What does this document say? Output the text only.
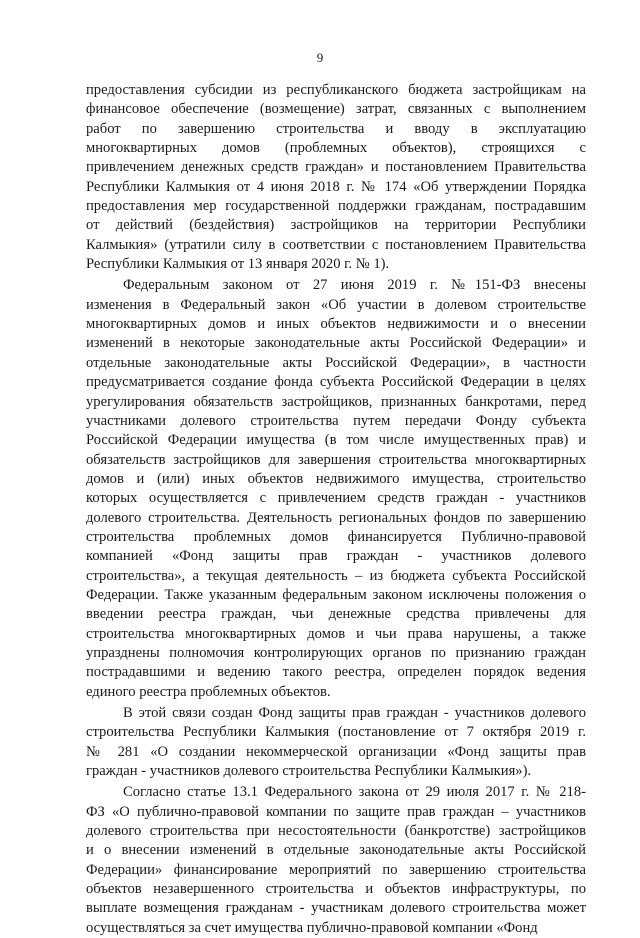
9
предоставления субсидии из республиканского бюджета застройщикам на
финансовое обеспечение (возмещение) затрат, связанных с выполнением
работ по завершению строительства и вводу в эксплуатацию
многоквартирных домов (проблемных объектов), строящихся с
привлечением денежных средств граждан» и постановлением Правительства
Республики Калмыкия от 4 июня 2018 г. № 174 «Об утверждении Порядка
предоставления мер государственной поддержки гражданам, пострадавшим
от действий (бездействия) застройщиков на территории Республики
Калмыкия» (утратили силу в соответствии с постановлением Правительства
Республики Калмыкия от 13 января 2020 г. № 1).
Федеральным законом от 27 июня 2019 г. №151-ФЗ внесены
изменения в Федеральный закон «Об участии в долевом строительстве
многоквартирных домов и иных объектов недвижимости и о внесении
изменений в некоторые законодательные акты Российской Федерации» и
отдельные законодательные акты Российской Федерации», в частности
предусматривается создание фонда субъекта Российской Федерации в целях
урегулирования обязательств застройщиков, признанных банкротами, перед
участниками долевого строительства путем передачи Фонду субъекта
Российской Федерации имущества (в том числе имущественных прав) и
обязательств застройщиков для завершения строительства многоквартирных
домов и (или) иных объектов недвижимого имущества, строительство
которых осуществляется с привлечением средств граждан - участников
долевого строительства. Деятельность региональных фондов по завершению
строительства проблемных домов финансируется Публично-правовой
компанией «Фонд защиты прав граждан - участников долевого
строительства», а текущая деятельность – из бюджета субъекта Российской
Федерации. Также указанным федеральным законом исключены положения о
введении реестра граждан, чьи денежные средства привлечены для
строительства многоквартирных домов и чьи права нарушены, а также
упразднены полномочия контролирующих органов по признанию граждан
пострадавшими и ведению такого реестра, определен порядок ведения
единого реестра проблемных объектов.
В этой связи создан Фонд защиты прав граждан - участников долевого
строительства Республики Калмыкия (постановление от 7 октября 2019 г.
№ 281 «О создании некоммерческой организации «Фонд защиты прав
граждан - участников долевого строительства Республики Калмыкия»).
Согласно статье 13.1 Федерального закона от 29 июля 2017 г. № 218-
ФЗ «О публично-правовой компании по защите прав граждан – участников
долевого строительства при несостоятельности (банкротстве) застройщиков
и о внесении изменений в отдельные законодательные акты Российской
Федерации» финансирование мероприятий по завершению строительства
объектов незавершенного строительства и объектов инфраструктуры, по
выплате возмещения гражданам - участникам долевого строительства может
осуществляться за счет имущества публично-правовой компании «Фонд
